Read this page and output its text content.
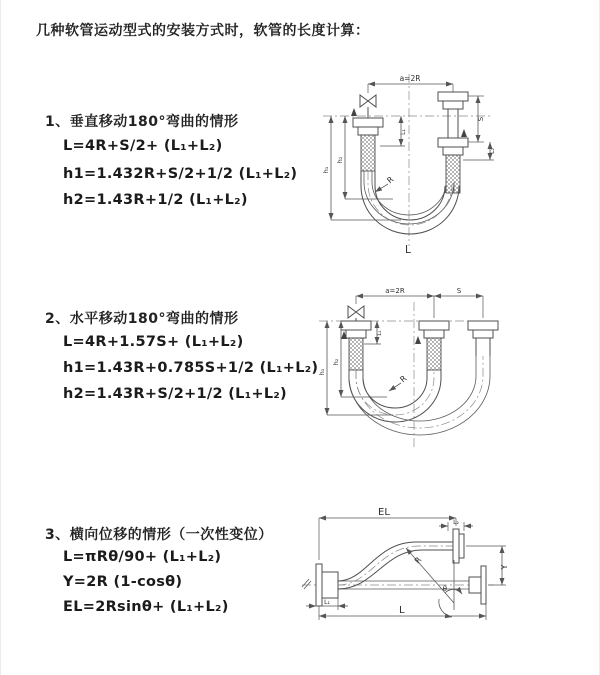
几种软管运动型式的安装方式时，软管的长度计算：
1、垂直移动180°弯曲的情形
L=4R+S/2+ (L₁+L₂)
h1=1.432R+S/2+1/2 (L₁+L₂)
h2=1.43R+1/2 (L₁+L₂)
2、水平移动180°弯曲的情形
L=4R+1.57S+ (L₁+L₂)
h1=1.43R+0.785S+1/2 (L₁+L₂)
h2=1.43R+S/2+1/2 (L₁+L₂)
3、横向位移的情形（一次性变位）
L=πRθ/90+ (L₁+L₂)
Y=2R (1-cosθ)
EL=2Rsinθ+ (L₁+L₂)
a=2R
L₁
S
L₂
h₁
h₂
R
L
a=2R	S
L₁
h₁
h₂
R
EL
L₂
R
θ
Y
L₁
L
